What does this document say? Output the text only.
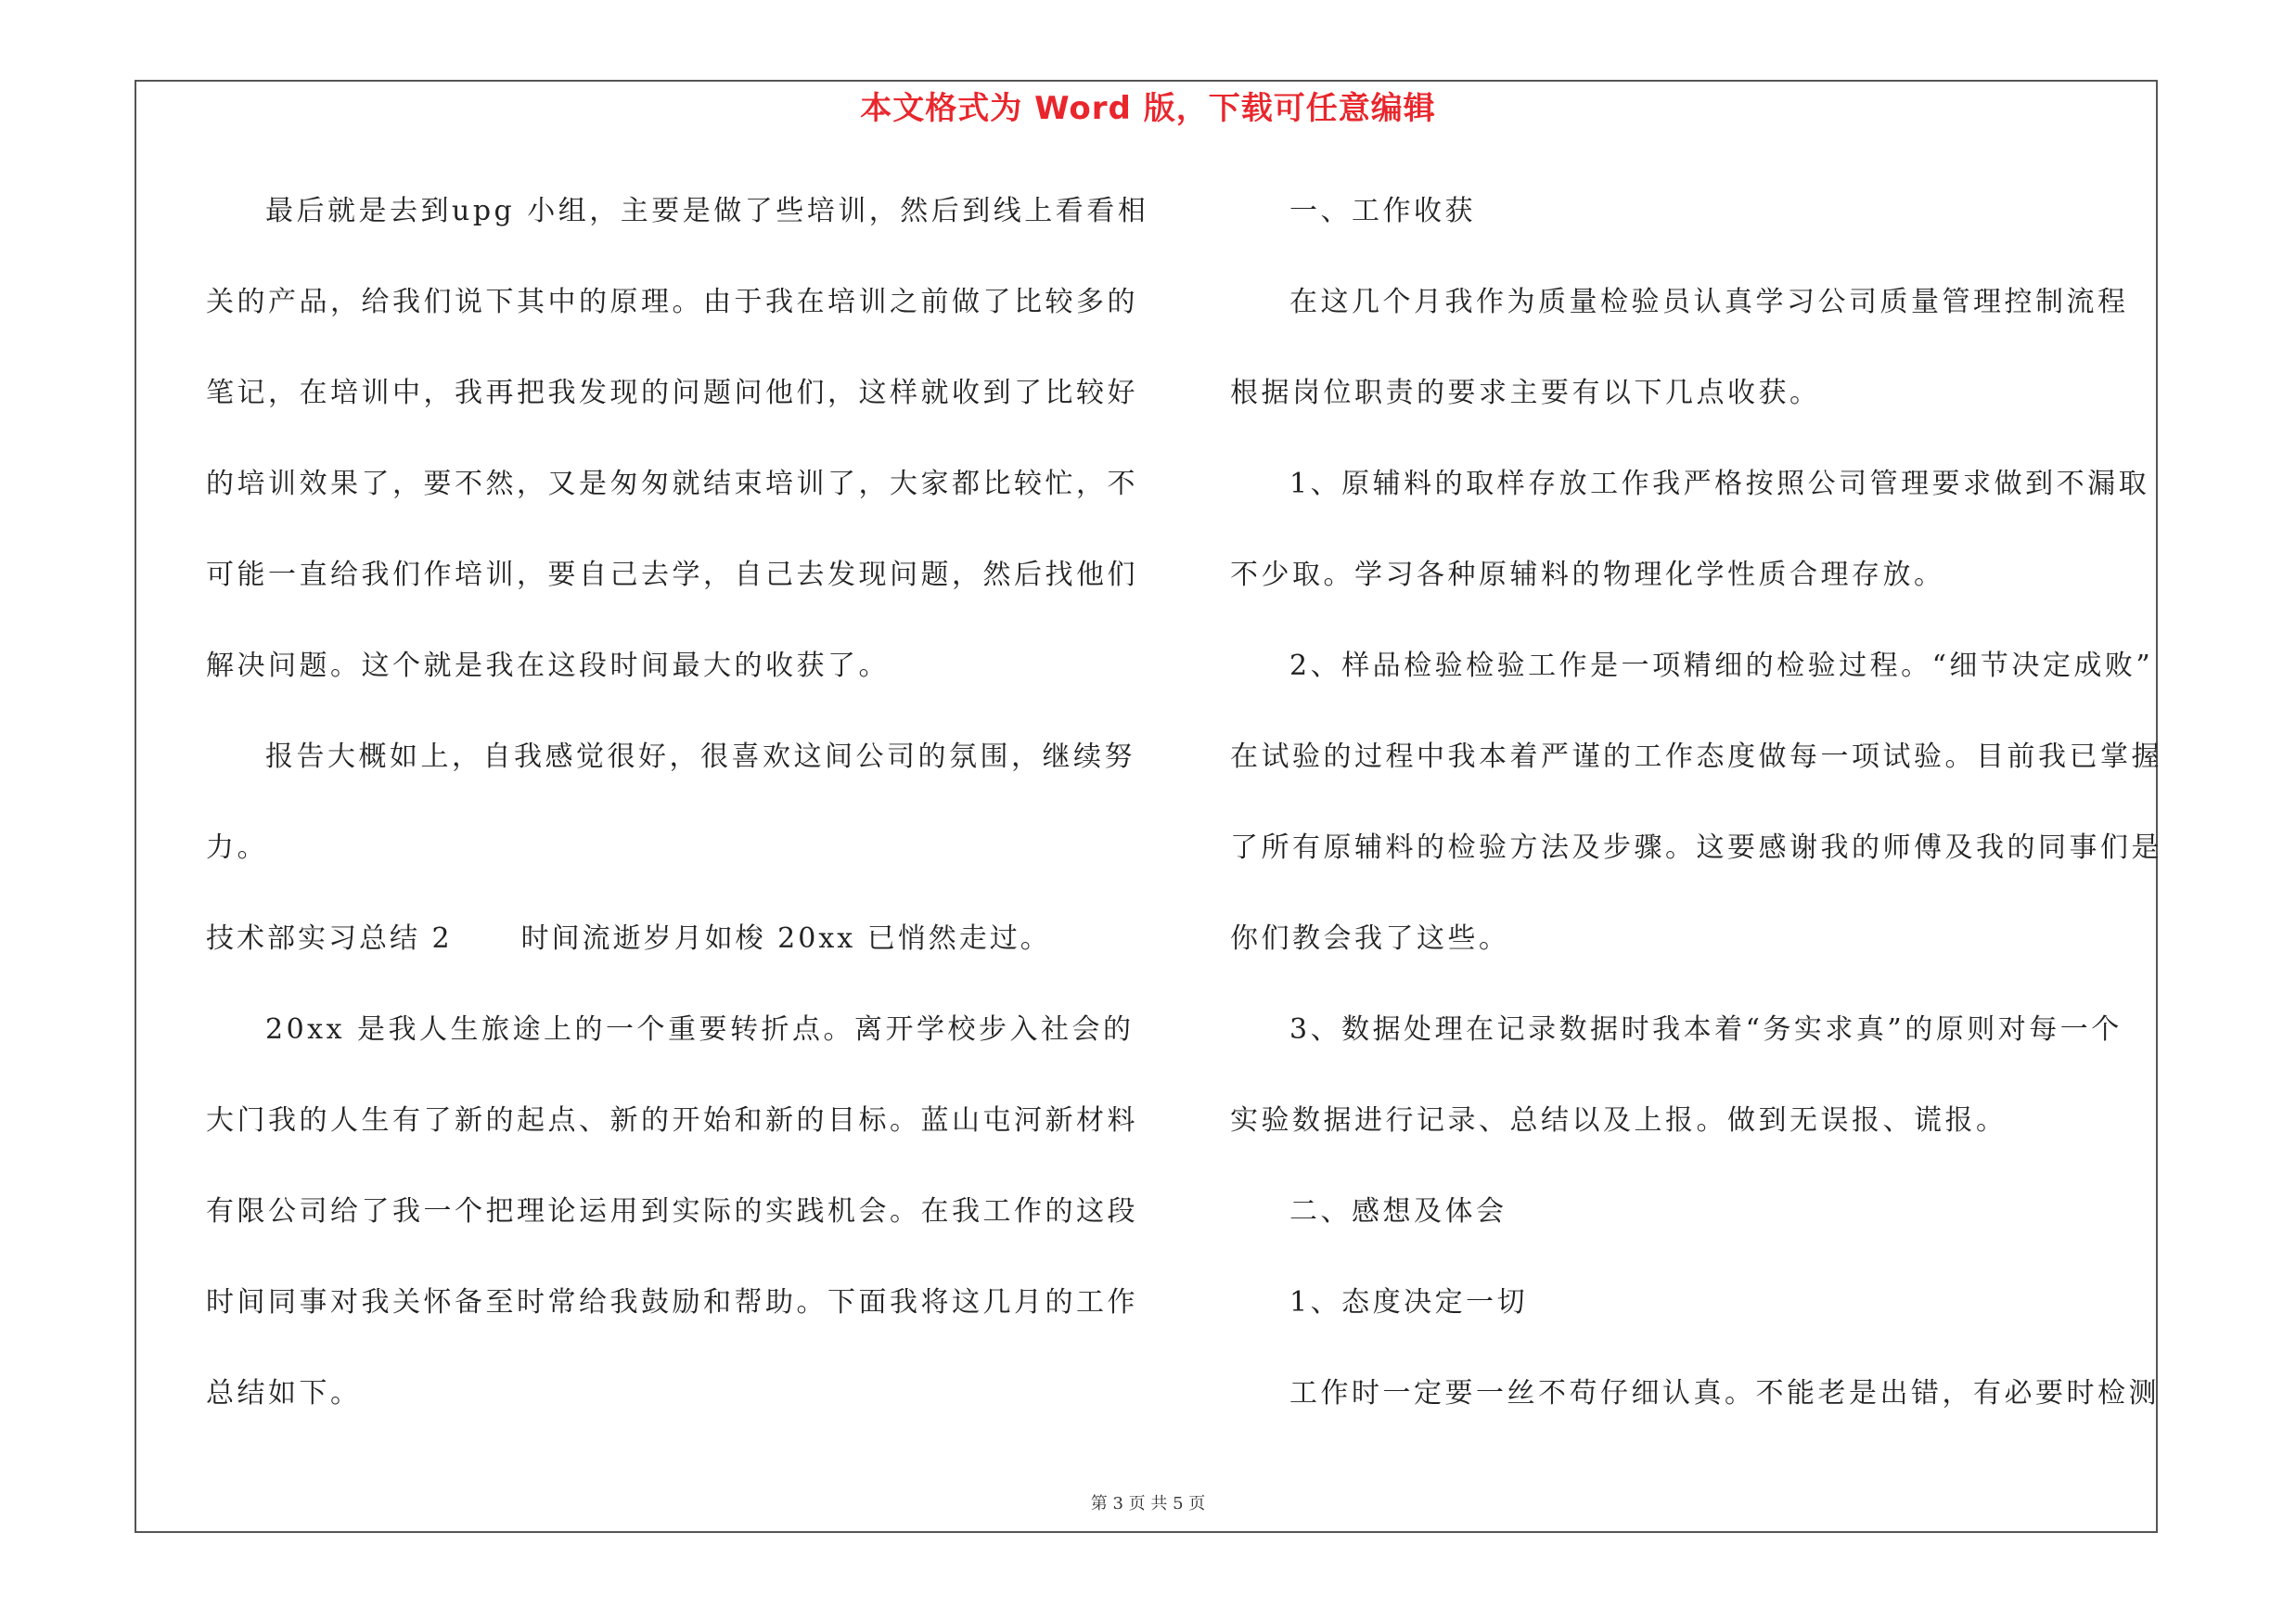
本文格式为 Word 版，下载可任意编辑
最后就是去到upg 小组，主要是做了些培训，然后到线上看看相
关的产品，给我们说下其中的原理。由于我在培训之前做了比较多的
笔记，在培训中，我再把我发现的问题问他们，这样就收到了比较好
的培训效果了，要不然，又是匆匆就结束培训了，大家都比较忙，不
可能一直给我们作培训，要自己去学，自己去发现问题，然后找他们
解决问题。这个就是我在这段时间最大的收获了。
报告大概如上，自我感觉很好，很喜欢这间公司的氛围，继续努
力。
技术部实习总结 2 时间流逝岁月如梭 20xx 已悄然走过。
20xx 是我人生旅途上的一个重要转折点。离开学校步入社会的
大门我的人生有了新的起点、新的开始和新的目标。蓝山屯河新材料
有限公司给了我一个把理论运用到实际的实践机会。在我工作的这段
时间同事对我关怀备至时常给我鼓励和帮助。下面我将这几月的工作
总结如下。
一、工作收获
在这几个月我作为质量检验员认真学习公司质量管理控制流程
根据岗位职责的要求主要有以下几点收获。
1、原辅料的取样存放工作我严格按照公司管理要求做到不漏取
不少取。学习各种原辅料的物理化学性质合理存放。
2、样品检验检验工作是一项精细的检验过程。“细节决定成败”
在试验的过程中我本着严谨的工作态度做每一项试验。目前我已掌握
了所有原辅料的检验方法及步骤。这要感谢我的师傅及我的同事们是
你们教会我了这些。
3、数据处理在记录数据时我本着“务实求真”的原则对每一个
实验数据进行记录、总结以及上报。做到无误报、谎报。
二、感想及体会
1、态度决定一切
工作时一定要一丝不苟仔细认真。不能老是出错，有必要时检测
第 3 页 共 5 页
